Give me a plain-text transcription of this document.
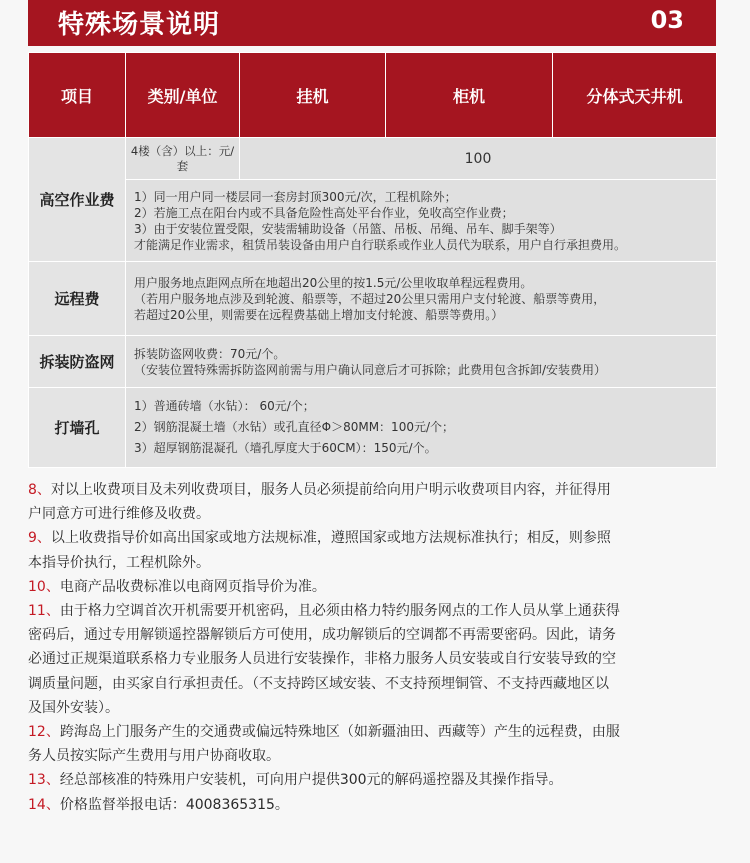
特殊场景说明	03
项目	类别/单位	挂机	柜机	分体式天井机
高空作业费	4楼（含）以上：元/套	100		

	1）同一用户同一楼层同一套房封顶300元/次，工程机除外；
2）若施工点在阳台内或不具备危险性高处平台作业，免收高空作业费；
3）由于安装位置受限，安装需辅助设备（吊篮、吊板、吊绳、吊车、脚手架等）
才能满足作业需求，租赁吊装设备由用户自行联系或作业人员代为联系，用户自行承担费用。			

远程费	用户服务地点距网点所在地超出20公里的按1.5元/公里收取单程远程费用。
（若用户服务地点涉及到轮渡、船票等，不超过20公里只需用户支付轮渡、船票等费用，
若超过20公里，则需要在远程费基础上增加支付轮渡、船票等费用。）			

拆装防盗网	拆装防盗网收费：70元/个。
（安装位置特殊需拆防盗网前需与用户确认同意后才可拆除；此费用包含拆卸/安装费用）			

打墙孔	1）普通砖墙（水钻）： 60元/个；
2）钢筋混凝土墙（水钻）或孔直径Φ＞80MM：100元/个；
3）超厚钢筋混凝孔（墙孔厚度大于60CM）：150元/个。			

8、对以上收费项目及未列收费项目，服务人员必须提前给向用户明示收费项目内容，并征得用
户同意方可进行维修及收费。

9、以上收费指导价如高出国家或地方法规标准，遵照国家或地方法规标准执行；相反，则参照
本指导价执行，工程机除外。

10、电商产品收费标准以电商网页指导价为准。

11、由于格力空调首次开机需要开机密码，且必须由格力特约服务网点的工作人员从掌上通获得
密码后，通过专用解锁遥控器解锁后方可使用，成功解锁后的空调都不再需要密码。因此，请务
必通过正规渠道联系格力专业服务人员进行安装操作，非格力服务人员安装或自行安装导致的空
调质量问题，由买家自行承担责任。（不支持跨区域安装、不支持预埋铜管、不支持西藏地区以
及国外安装）。

12、跨海岛上门服务产生的交通费或偏远特殊地区（如新疆油田、西藏等）产生的远程费，由服
务人员按实际产生费用与用户协商收取。

13、经总部核准的特殊用户安装机，可向用户提供300元的解码遥控器及其操作指导。

14、价格监督举报电话：4008365315。
